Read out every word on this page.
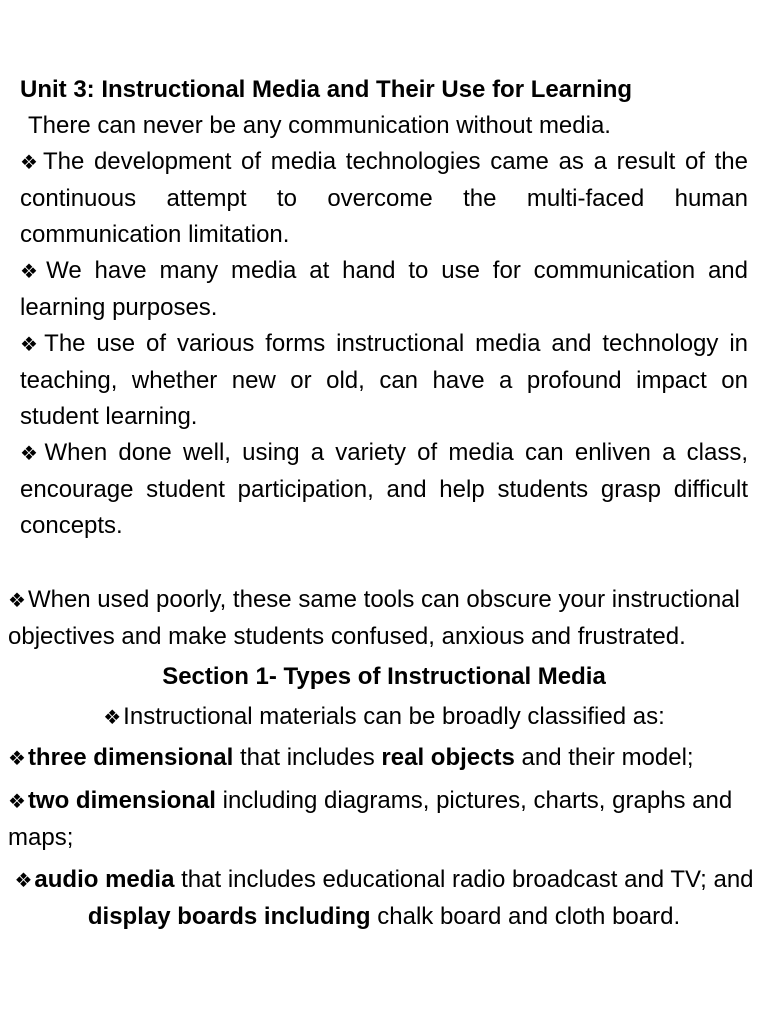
Unit 3: Instructional Media and Their Use for Learning

There can never be any communication without media.

❖ The development of media technologies came as a result of the continuous attempt to overcome the multi-faced human communication limitation.

❖ We have many media at hand to use for communication and learning purposes.

❖ The use of various forms instructional media and technology in teaching, whether new or old, can have a profound impact on student learning.

❖ When done well, using a variety of media can enliven a class, encourage student participation, and help students grasp difficult concepts.

❖ When used poorly, these same tools can obscure your instructional objectives and make students confused, anxious and frustrated.

Section 1- Types of Instructional Media

❖ Instructional materials can be broadly classified as:

❖ three dimensional that includes real objects and their model;

❖ two dimensional including diagrams, pictures, charts, graphs and maps;

❖ audio media that includes educational radio broadcast and TV; and display boards including chalk board and cloth board.
